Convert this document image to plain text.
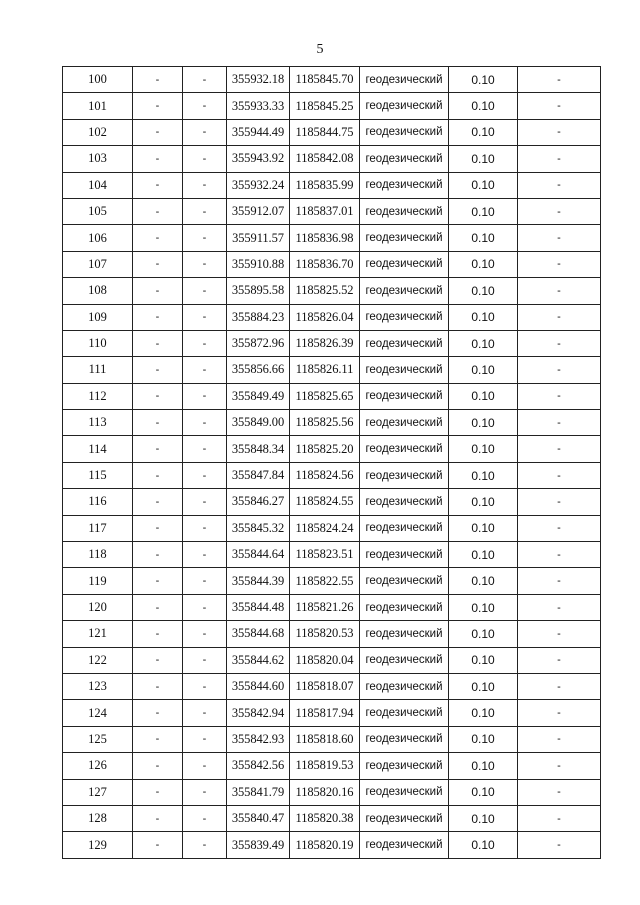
5
100	-	-	355932.18	1185845.70	геодезический	0.10	-
101	-	-	355933.33	1185845.25	геодезический	0.10	-
102	-	-	355944.49	1185844.75	геодезический	0.10	-
103	-	-	355943.92	1185842.08	геодезический	0.10	-
104	-	-	355932.24	1185835.99	геодезический	0.10	-
105	-	-	355912.07	1185837.01	геодезический	0.10	-
106	-	-	355911.57	1185836.98	геодезический	0.10	-
107	-	-	355910.88	1185836.70	геодезический	0.10	-
108	-	-	355895.58	1185825.52	геодезический	0.10	-
109	-	-	355884.23	1185826.04	геодезический	0.10	-
110	-	-	355872.96	1185826.39	геодезический	0.10	-
111	-	-	355856.66	1185826.11	геодезический	0.10	-
112	-	-	355849.49	1185825.65	геодезический	0.10	-
113	-	-	355849.00	1185825.56	геодезический	0.10	-
114	-	-	355848.34	1185825.20	геодезический	0.10	-
115	-	-	355847.84	1185824.56	геодезический	0.10	-
116	-	-	355846.27	1185824.55	геодезический	0.10	-
117	-	-	355845.32	1185824.24	геодезический	0.10	-
118	-	-	355844.64	1185823.51	геодезический	0.10	-
119	-	-	355844.39	1185822.55	геодезический	0.10	-
120	-	-	355844.48	1185821.26	геодезический	0.10	-
121	-	-	355844.68	1185820.53	геодезический	0.10	-
122	-	-	355844.62	1185820.04	геодезический	0.10	-
123	-	-	355844.60	1185818.07	геодезический	0.10	-
124	-	-	355842.94	1185817.94	геодезический	0.10	-
125	-	-	355842.93	1185818.60	геодезический	0.10	-
126	-	-	355842.56	1185819.53	геодезический	0.10	-
127	-	-	355841.79	1185820.16	геодезический	0.10	-
128	-	-	355840.47	1185820.38	геодезический	0.10	-
129	-	-	355839.49	1185820.19	геодезический	0.10	-
